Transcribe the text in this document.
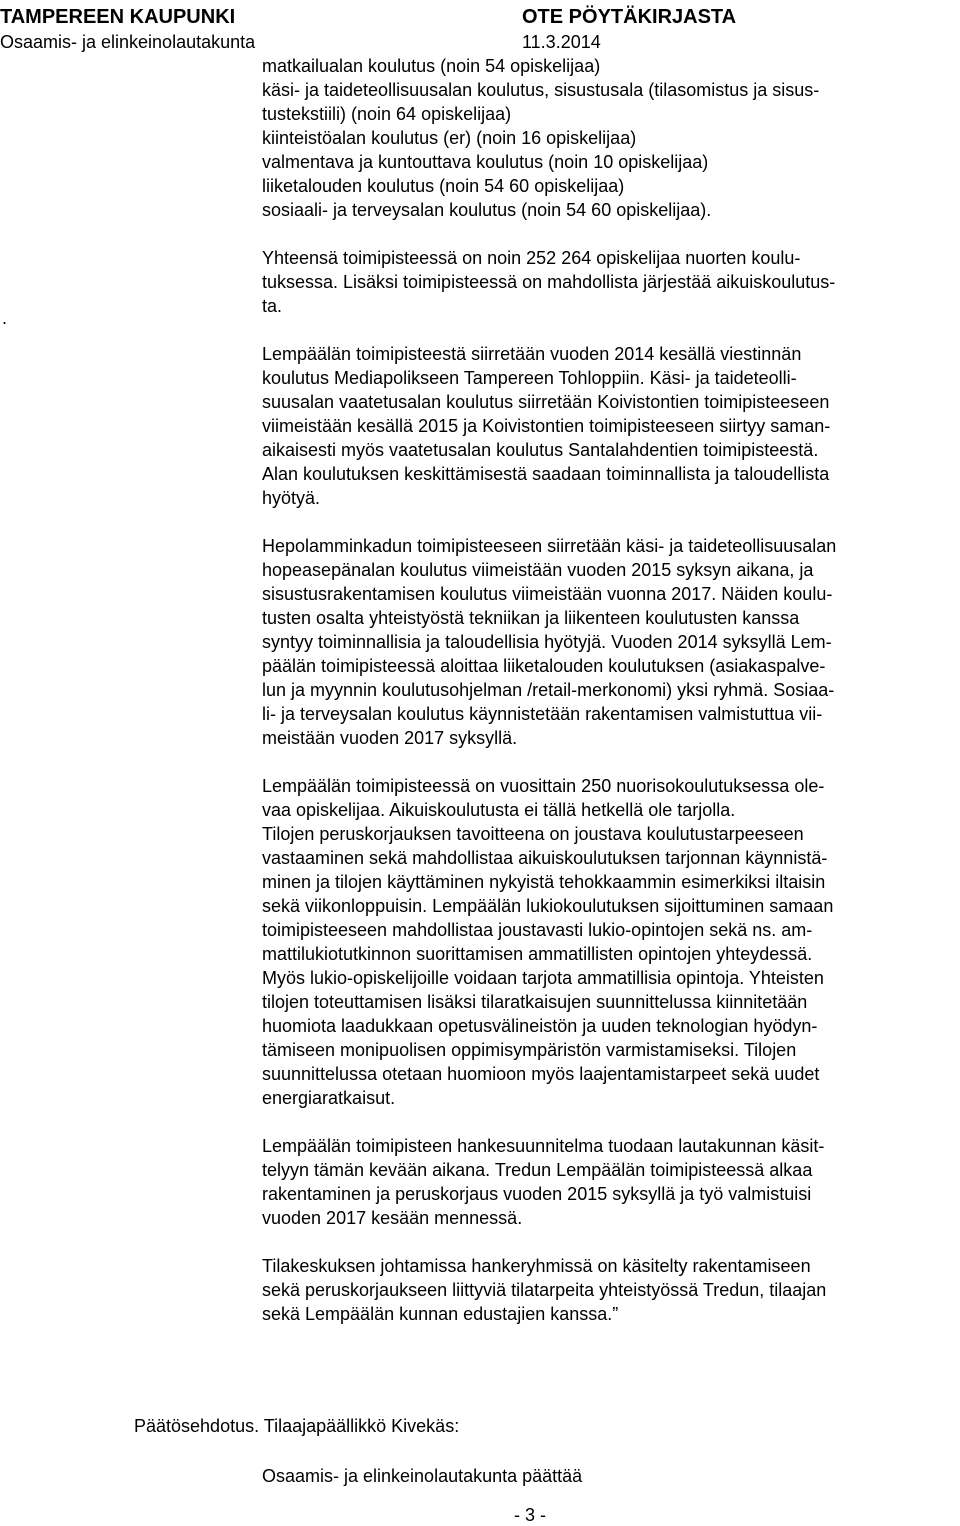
TAMPEREEN KAUPUNKI	OTE PÖYTÄKIRJASTA
Osaamis- ja elinkeinolautakunta	11.3.2014
.
matkailualan koulutus (noin 54 opiskelijaa)
käsi- ja taideteollisuusalan koulutus, sisustusala (tilasomistus ja sisus-
tustekstiili) (noin 64 opiskelijaa)
kiinteistöalan koulutus (er) (noin 16 opiskelijaa)
valmentava ja kuntouttava koulutus (noin 10 opiskelijaa)
liiketalouden koulutus (noin 54 60 opiskelijaa)
sosiaali- ja terveysalan koulutus (noin 54 60 opiskelijaa).
Yhteensä toimipisteessä on noin 252 264 opiskelijaa nuorten koulu-
tuksessa. Lisäksi toimipisteessä on mahdollista järjestää aikuiskoulutus-
ta.
Lempäälän toimipisteestä siirretään vuoden 2014 kesällä viestinnän
koulutus Mediapolikseen Tampereen Tohloppiin. Käsi- ja taideteolli-
suusalan vaatetusalan koulutus siirretään Koivistontien toimipisteeseen
viimeistään kesällä 2015 ja Koivistontien toimipisteeseen siirtyy saman-
aikaisesti myös vaatetusalan koulutus Santalahdentien toimipisteestä.
Alan koulutuksen keskittämisestä saadaan toiminnallista ja taloudellista
hyötyä.
Hepolamminkadun toimipisteeseen siirretään käsi- ja taideteollisuusalan
hopeasepänalan koulutus viimeistään vuoden 2015 syksyn aikana, ja
sisustusrakentamisen koulutus viimeistään vuonna 2017. Näiden koulu-
tusten osalta yhteistyöstä tekniikan ja liikenteen koulutusten kanssa
syntyy toiminnallisia ja taloudellisia hyötyjä. Vuoden 2014 syksyllä Lem-
päälän toimipisteessä aloittaa liiketalouden koulutuksen (asiakaspalve-
lun ja myynnin koulutusohjelman /retail-merkonomi) yksi ryhmä. Sosiaa-
li- ja terveysalan koulutus käynnistetään rakentamisen valmistuttua vii-
meistään vuoden 2017 syksyllä.
Lempäälän toimipisteessä on vuosittain 250 nuorisokoulutuksessa ole-
vaa opiskelijaa. Aikuiskoulutusta ei tällä hetkellä ole tarjolla.
Tilojen peruskorjauksen tavoitteena on joustava koulutustarpeeseen
vastaaminen sekä mahdollistaa aikuiskoulutuksen tarjonnan käynnistä-
minen ja tilojen käyttäminen nykyistä tehokkaammin esimerkiksi iltaisin
sekä viikonloppuisin. Lempäälän lukiokoulutuksen sijoittuminen samaan
toimipisteeseen mahdollistaa joustavasti lukio-opintojen sekä ns. am-
mattilukiotutkinnon suorittamisen ammatillisten opintojen yhteydessä.
Myös lukio-opiskelijoille voidaan tarjota ammatillisia opintoja. Yhteisten
tilojen toteuttamisen lisäksi tilaratkaisujen suunnittelussa kiinnitetään
huomiota laadukkaan opetusvälineistön ja uuden teknologian hyödyn-
tämiseen monipuolisen oppimisympäristön varmistamiseksi. Tilojen
suunnittelussa otetaan huomioon myös laajentamistarpeet sekä uudet
energiaratkaisut.
Lempäälän toimipisteen hankesuunnitelma tuodaan lautakunnan käsit-
telyyn tämän kevään aikana. Tredun Lempäälän toimipisteessä alkaa
rakentaminen ja peruskorjaus vuoden 2015 syksyllä ja työ valmistuisi
vuoden 2017 kesään mennessä.
Tilakeskuksen johtamissa hankeryhmissä on käsitelty rakentamiseen
sekä peruskorjaukseen liittyviä tilatarpeita yhteistyössä Tredun, tilaajan
sekä Lempäälän kunnan edustajien kanssa.”
Päätösehdotus. Tilaajapäällikkö Kivekäs:
Osaamis- ja elinkeinolautakunta päättää
- 3 -
